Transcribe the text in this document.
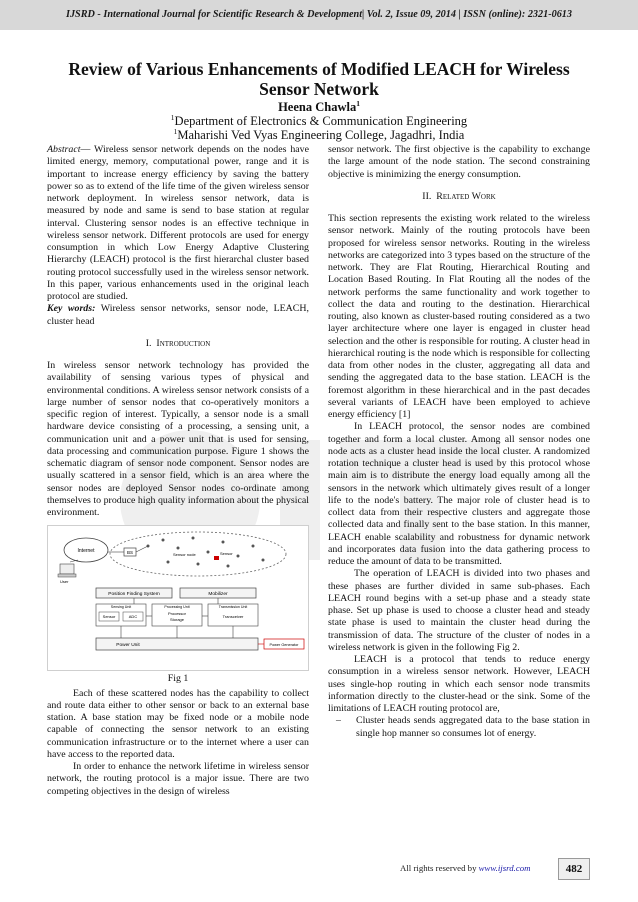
IJSRD - International Journal for Scientific Research & Development| Vol. 2, Issue 09, 2014 | ISSN (online): 2321-0613
Review of Various Enhancements of Modified LEACH for Wireless Sensor Network
Heena Chawla$^1$
$^1$Department of Electronics & Communication Engineering
$^1$Maharishi Ved Vyas Engineering College, Jagadhri, India

Abstract— Wireless sensor network depends on the nodes have limited energy, memory, computational power, range and it is important to increase energy efficiency by saving the battery power so as to extend of the life time of the given wireless sensor network deployment. In wireless sensor network, data is measured by node and same is send to base station at regular interval. Clustering sensor nodes is an effective technique in wireless sensor network. Different protocols are used for energy consumption in which Low Energy Adaptive Clustering Hierarchy (LEACH) protocol is the first hierarchal cluster based routing protocol successfully used in the wireless sensor network. In this paper, various enhancements used in the original leach protocol are studied.

Key words: Wireless sensor networks, sensor node, LEACH, cluster head

I. Introduction

In wireless sensor network technology has provided the availability of sensing various types of physical and environmental conditions. A wireless sensor network consists of a large number of sensor nodes that co-operatively monitors a specific region of interest. Typically, a sensor node is a small hardware device consisting of a processing, a sensing unit, a communication unit and a power unit that is used for sensing, data processing and communication purpose. Figure 1 shows the schematic diagram of sensor node component. Sensor nodes are usually scattered in a sensor field, which is an area where the sensor nodes are deployed Sensor nodes co-ordinate among themselves to produce high quality information about the physical environment.

Internet	BS	Sensor node	Sensor
User
Position Finding System	Mobilizer
Sensing Unit
Sensor	ADC
Processing Unit
Processor
Storage
Transmission Unit
Transceiver
Power Unit	Power Generator
Fig 1

Each of these scattered nodes has the capability to collect and route data either to other sensor or back to an external base station. A base station may be fixed node or a mobile node capable of connecting the sensor network to an existing communication infrastructure or to the internet where a user can have access to the reported data.

In order to enhance the network lifetime in wireless sensor network, the routing protocol is a major issue. There are two competing objectives in the design of wireless

sensor network. The first objective is the capability to exchange the large amount of the node station. The second constraining objective is minimizing the energy consumption.

II. Related Work

This section represents the existing work related to the wireless sensor network. Mainly of the routing protocols have been proposed for wireless sensor networks. Routing in the wireless networks are categorized into 3 types based on the structure of the network. They are Flat Routing, Hierarchical Routing and Location Based Routing. In Flat Routing all the nodes of the network performs the same functionality and work together to collect the data and routing to the destination. Hierarchical routing, also known as cluster-based routing considered as a two layer architecture where one layer is engaged in cluster head selection and the other is responsible for routing. A cluster head in hierarchical routing is the node which is responsible for collecting data from other nodes in the cluster, aggregating all data and sending the aggregated data to the base station. LEACH is the foremost algorithm in these hierarchical and in the past decades several variants of LEACH have been employed to achieve energy efficiency [1]

In LEACH protocol, the sensor nodes are combined together and form a local cluster. Among all sensor nodes one node acts as a cluster head inside the local cluster. A randomized rotation technique a cluster head is used by this protocol whose main aim is to distribute the energy load equally among all the sensors in the network which ultimately gives result of a longer life to the node's battery. The major role of cluster head is to collect data from their respective clusters and aggregate those collected data and finally sent to the base station. In this manner, LEACH enable scalability and robustness for dynamic network and incorporates data fusion into the data gathering process to reduce the amount of data to be transmitted.

The operation of LEACH is divided into two phases and these phases are further divided in same sub-phases. Each LEACH round begins with a set-up phase and a steady state phase. Set up phase is used to choose a cluster head and steady state phase is used to maintain the cluster head during the transmission of data. The structure of the cluster of nodes in a wireless network is given in the following Fig 2.

LEACH is a protocol that tends to reduce energy consumption in a wireless sensor network. However, LEACH uses single-hop routing in which each sensor node transmits information directly to the cluster-head or the sink. Some of the limitations of LEACH routing protocol are,

– Cluster heads sends aggregated data to the base station in single hop manner so consumes lot of energy.
All rights reserved by www.ijsrd.com	482
